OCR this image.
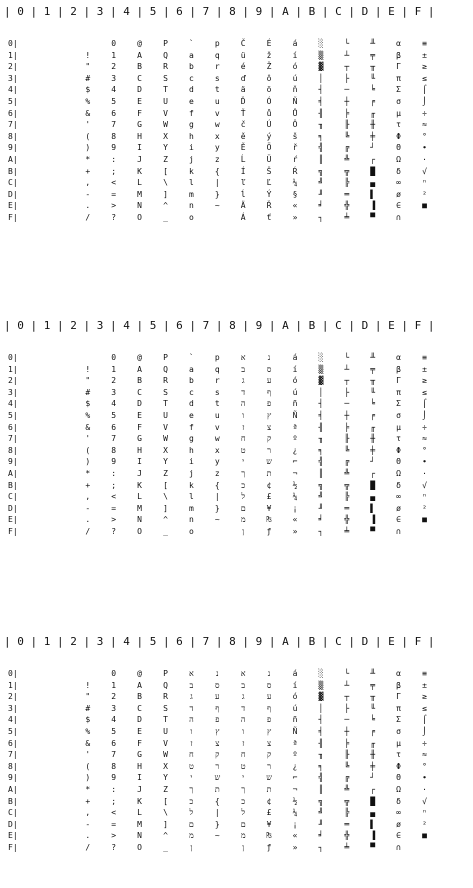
| 0 | 1 | 2 | 3 | 4 | 5 | 6 | 7 | 8 | 9 | A | B | C | D | E | F |
0|
1|
2|
3|
4|
5|
6|
7|
8|
9|
A|
B|
C|
D|
E|
F|
!
"
#
$
%
&
'
(
)
*
+
,
-
.
/
0
1
2
3
4
5
6
7
8
9
:
;
<
=
>
?
@
A
B
C
D
E
F
G
H
I
J
K
L
M
N
O
P
Q
R
S
T
U
V
W
X
Y
Z
[
\
]
^
_
`
a
b
c
d
e
f
g
h
i
j
k
l
m
n
o
p
q
r
s
t
u
v
w
x
y
z
{
|
}
~
Č
ü
é
ď
ä
Ď
Ť
č
ě
Ě
Ĺ
Í
ľ
ĺ
Ä
Á
É
ž
Ž
ô
ö
Ó
ů
Ú
ý
Ö
Ü
Š
Ľ
Ý
Ř
ť
á
í
ó
ú
ň
Ň
Ů
Ô
š
ř
ŕ
Ŕ
¼
§
«
»
░
▒
▓
│
┤
╡
╢
╖
╕
╣
║
╗
╝
╜
╛
┐
└
┴
┬
├
─
┼
╞
╟
╚
╔
╩
╦
╠
═
╬
╧
╨
╤
╥
╙
╘
╒
╓
╫
╪
┘
┌
█
▄
▌
▐
▀
α
β
Γ
π
Σ
σ
μ
τ
Φ
Θ
Ω
δ
∞
ø
∈
∩
≡
±
≥
≤
⌠
⌡
÷
≈
°
∙
·
√
ⁿ
²
■
| 0 | 1 | 2 | 3 | 4 | 5 | 6 | 7 | 8 | 9 | A | B | C | D | E | F |
0|
1|
2|
3|
4|
5|
6|
7|
8|
9|
A|
B|
C|
D|
E|
F|
!
"
#
$
%
&
'
(
)
*
+
,
-
.
/
0
1
2
3
4
5
6
7
8
9
:
;
<
=
>
?
@
A
B
C
D
E
F
G
H
I
J
K
L
M
N
O
P
Q
R
S
T
U
V
W
X
Y
Z
[
\
]
^
_
`
a
b
c
d
e
f
g
h
i
j
k
l
m
n
o
p
q
r
s
t
u
v
w
x
y
z
{
|
}
~
א
ב
ג
ד
ה
ו
ז
ח
ט
י
ך
כ
ל
ם
מ
ן
נ
ס
ע
ף
פ
ץ
צ
ק
ר
ש
ת
¢
£
¥
₧
ƒ
á
í
ó
ú
ñ
Ñ
ª
º
¿
⌐
¬
½
¼
¡
«
»
░
▒
▓
│
┤
╡
╢
╖
╕
╣
║
╗
╝
╜
╛
┐
└
┴
┬
├
─
┼
╞
╟
╚
╔
╩
╦
╠
═
╬
╧
╨
╤
╥
╙
╘
╒
╓
╫
╪
┘
┌
█
▄
▌
▐
▀
α
β
Γ
π
Σ
σ
μ
τ
Φ
Θ
Ω
δ
∞
ø
∈
∩
≡
±
≥
≤
⌠
⌡
÷
≈
°
∙
·
√
ⁿ
²
■
| 0 | 1 | 2 | 3 | 4 | 5 | 6 | 7 | 8 | 9 | A | B | C | D | E | F |
0|
1|
2|
3|
4|
5|
6|
7|
8|
9|
A|
B|
C|
D|
E|
F|
!
"
#
$
%
&
'
(
)
*
+
,
-
.
/
0
1
2
3
4
5
6
7
8
9
:
;
<
=
>
?
@
A
B
C
D
E
F
G
H
I
J
K
L
M
N
O
P
Q
R
S
T
U
V
W
X
Y
Z
[
\
]
^
_
א
ב
ג
ד
ה
ו
ז
ח
ט
י
ך
כ
ל
ם
מ
ן
נ
ס
ע
ף
פ
ץ
צ
ק
ר
ש
ת
{
|
}
~
א
ב
ג
ד
ה
ו
ז
ח
ט
י
ך
כ
ל
ם
מ
ן
נ
ס
ע
ף
פ
ץ
צ
ק
ר
ש
ת
¢
£
¥
₧
ƒ
á
í
ó
ú
ñ
Ñ
ª
º
¿
⌐
¬
½
¼
¡
«
»
░
▒
▓
│
┤
╡
╢
╖
╕
╣
║
╗
╝
╜
╛
┐
└
┴
┬
├
─
┼
╞
╟
╚
╔
╩
╦
╠
═
╬
╧
╨
╤
╥
╙
╘
╒
╓
╫
╪
┘
┌
█
▄
▌
▐
▀
α
β
Γ
π
Σ
σ
μ
τ
Φ
Θ
Ω
δ
∞
ø
∈
∩
≡
±
≥
≤
⌠
⌡
÷
≈
°
∙
·
√
ⁿ
²
■
